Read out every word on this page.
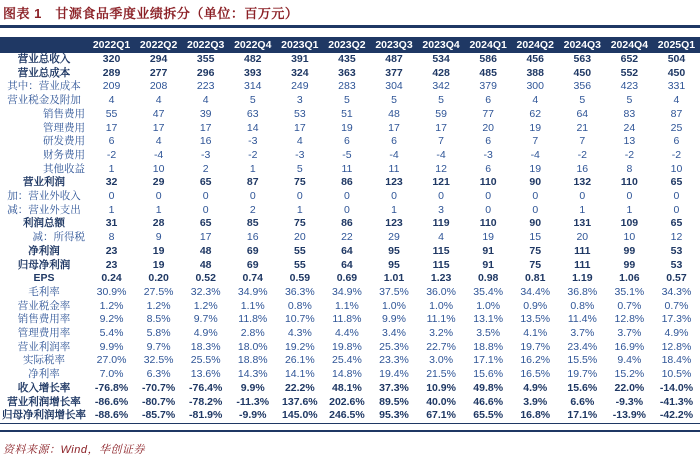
图表 1　甘源食品季度业绩拆分（单位：百万元）
	2022Q1	2022Q2	2022Q3	2022Q4	2023Q1	2023Q2	2023Q3	2023Q4	2024Q1	2024Q2	2024Q3	2024Q4	2025Q1
营业总收入	320	294	355	482	391	435	487	534	586	456	563	652	504
营业总成本	289	277	296	393	324	363	377	428	485	388	450	552	450
其中：营业成本	209	208	223	314	249	283	304	342	379	300	356	423	331
营业税金及附加	4	4	4	5	3	5	5	5	6	4	5	5	4
销售费用	55	47	39	63	53	51	48	59	77	62	64	83	87
管理费用	17	17	17	14	17	19	17	17	20	19	21	24	25
研发费用	6	4	16	-3	4	6	6	7	6	7	7	13	6
财务费用	-2	-4	-3	-2	-3	-5	-4	-4	-3	-4	-2	-2	-2
其他收益	1	10	2	1	5	11	11	12	6	19	16	8	10
营业利润	32	29	65	87	75	86	123	121	110	90	132	110	65
加：营业外收入	0	0	0	0	0	0	0	0	0	0	0	0	0
减：营业外支出	1	1	0	2	1	0	1	3	0	0	1	1	0
利润总额	31	28	65	85	75	86	123	119	110	90	131	109	65
减：所得税	8	9	17	16	20	22	29	4	19	15	20	10	12
净利润	23	19	48	69	55	64	95	115	91	75	111	99	53
归母净利润	23	19	48	69	55	64	95	115	91	75	111	99	53
EPS	0.24	0.20	0.52	0.74	0.59	0.69	1.01	1.23	0.98	0.81	1.19	1.06	0.57
毛利率	30.9%	27.5%	32.3%	34.9%	36.3%	34.9%	37.5%	36.0%	35.4%	34.4%	36.8%	35.1%	34.3%
营业税金率	1.2%	1.2%	1.2%	1.1%	0.8%	1.1%	1.0%	1.0%	1.0%	0.9%	0.8%	0.7%	0.7%
销售费用率	9.2%	8.5%	9.7%	11.8%	10.7%	11.8%	9.9%	11.1%	13.1%	13.5%	11.4%	12.8%	17.3%
管理费用率	5.4%	5.8%	4.9%	2.8%	4.3%	4.4%	3.4%	3.2%	3.5%	4.1%	3.7%	3.7%	4.9%
营业利润率	9.9%	9.7%	18.3%	18.0%	19.2%	19.8%	25.3%	22.7%	18.8%	19.7%	23.4%	16.9%	12.8%
实际税率	27.0%	32.5%	25.5%	18.8%	26.1%	25.4%	23.3%	3.0%	17.1%	16.2%	15.5%	9.4%	18.4%
净利率	7.0%	6.3%	13.6%	14.3%	14.1%	14.8%	19.4%	21.5%	15.6%	16.5%	19.7%	15.2%	10.5%
收入增长率	-76.8%	-70.7%	-76.4%	9.9%	22.2%	48.1%	37.3%	10.9%	49.8%	4.9%	15.6%	22.0%	-14.0%
营业利润增长率	-86.6%	-80.7%	-78.2%	-11.3%	137.6%	202.6%	89.5%	40.0%	46.6%	3.9%	6.6%	-9.3%	-41.3%
归母净利润增长率	-88.6%	-85.7%	-81.9%	-9.9%	145.0%	246.5%	95.3%	67.1%	65.5%	16.8%	17.1%	-13.9%	-42.2%
资料来源：Wind，华创证券
